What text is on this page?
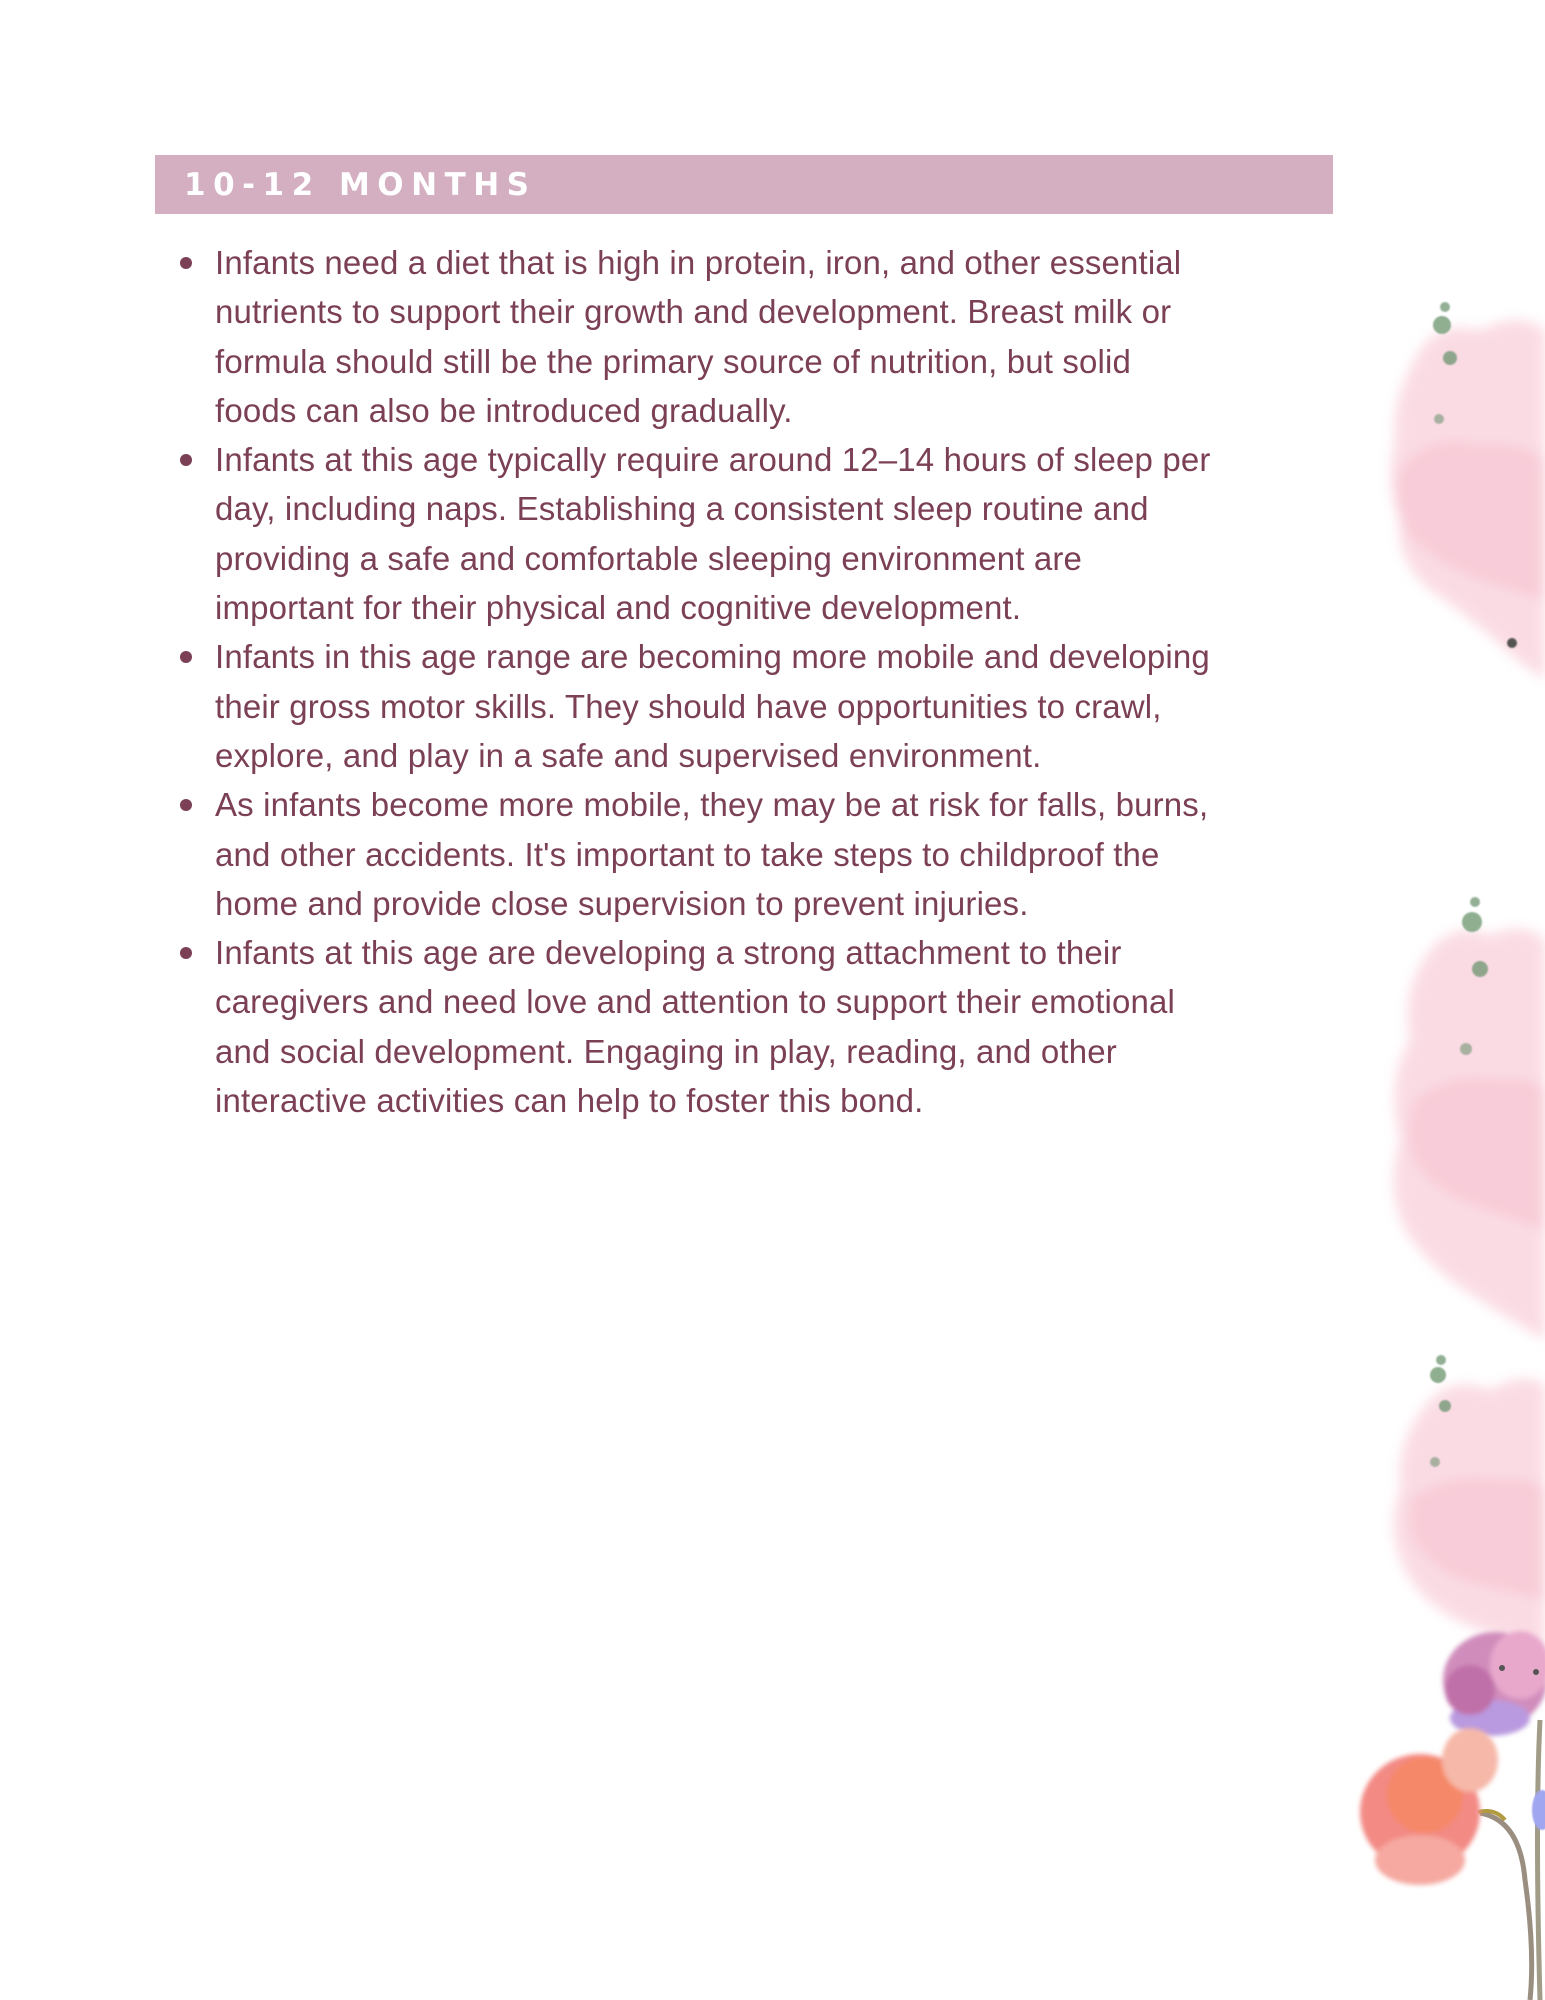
10-12 MONTHS
Infants need a diet that is high in protein, iron, and other essential
nutrients to support their growth and development. Breast milk or
formula should still be the primary source of nutrition, but solid
foods can also be introduced gradually.
Infants at this age typically require around 12–14 hours of sleep per
day, including naps. Establishing a consistent sleep routine and
providing a safe and comfortable sleeping environment are
important for their physical and cognitive development.
Infants in this age range are becoming more mobile and developing
their gross motor skills. They should have opportunities to crawl,
explore, and play in a safe and supervised environment.
As infants become more mobile, they may be at risk for falls, burns,
and other accidents. It's important to take steps to childproof the
home and provide close supervision to prevent injuries.
Infants at this age are developing a strong attachment to their
caregivers and need love and attention to support their emotional
and social development. Engaging in play, reading, and other
interactive activities can help to foster this bond.
